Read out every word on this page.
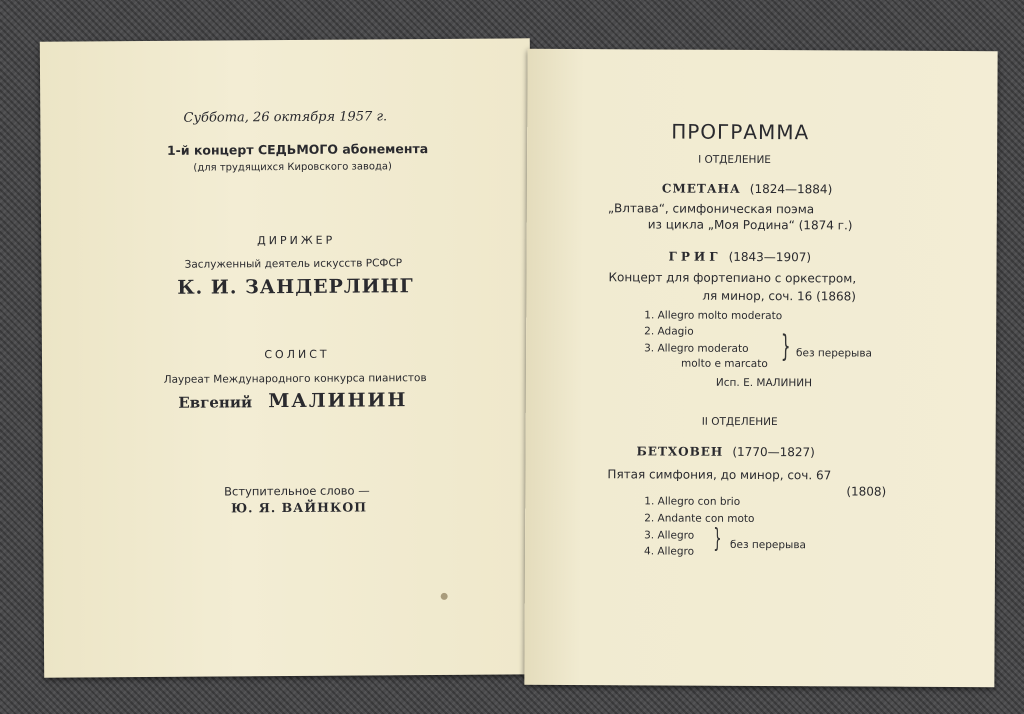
Суббота, 26 октября 1957 г.
1-й концерт СЕДЬМОГО абонемента
(для трудящихся Кировского завода)
ДИРИЖЕР
Заслуженный деятель искусств РСФСР
К. И. ЗАНДЕРЛИНГ
СОЛИСТ
Лауреат Международного конкурса пианистов
Евгений МАЛИНИН
Вступительное слово —
Ю. Я. ВАЙНКОП
ПРОГРАММА
I ОТДЕЛЕНИЕ
СМЕТАНА (1824—1884)
„Влтава“, симфоническая поэма
из цикла „Моя Родина“ (1874 г.)
ГРИГ (1843—1907)
Концерт для фортепиано с оркестром,
ля минор, соч. 16 (1868)
1. Allegro molto moderato
2. Adagio
3. Allegro moderato
molto e marcato } без перерыва
Исп. Е. МАЛИНИН
II ОТДЕЛЕНИЕ
БЕТХОВЕН (1770—1827)
Пятая симфония, до минор, соч. 67
(1808)
1. Allegro con brio
2. Andante con moto
3. Allegro
4. Allegro } без перерыва
